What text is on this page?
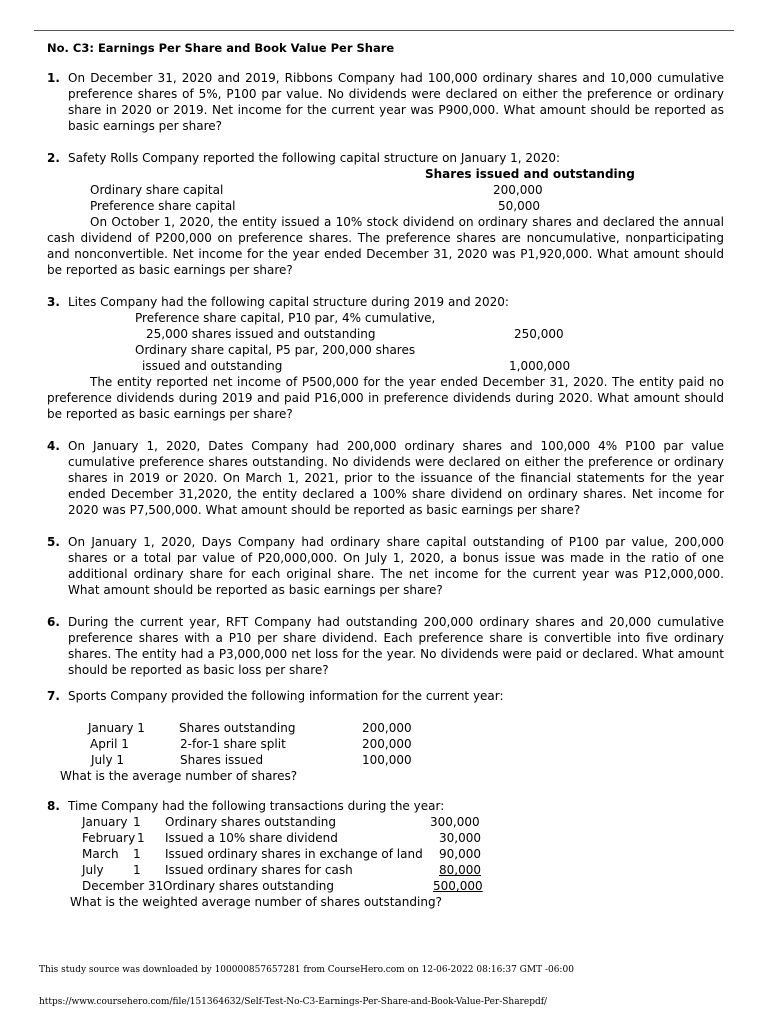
No. C3: Earnings Per Share and Book Value Per Share
1. On December 31, 2020 and 2019, Ribbons Company had 100,000 ordinary shares and 10,000 cumulative preference shares of 5%, P100 par value. No dividends were declared on either the preference or ordinary share in 2020 or 2019. Net income for the current year was P900,000. What amount should be reported as basic earnings per share?
2. Safety Rolls Company reported the following capital structure on January 1, 2020:
Shares issued and outstanding
Ordinary share capital	200,000
Preference share capital	50,000
On October 1, 2020, the entity issued a 10% stock dividend on ordinary shares and declared the annual cash dividend of P200,000 on preference shares. The preference shares are noncumulative, nonparticipating and nonconvertible. Net income for the year ended December 31, 2020 was P1,920,000. What amount should be reported as basic earnings per share?
3. Lites Company had the following capital structure during 2019 and 2020:
Preference share capital, P10 par, 4% cumulative,
25,000 shares issued and outstanding	250,000
Ordinary share capital, P5 par, 200,000 shares
issued and outstanding	1,000,000
The entity reported net income of P500,000 for the year ended December 31, 2020. The entity paid no preference dividends during 2019 and paid P16,000 in preference dividends during 2020. What amount should be reported as basic earnings per share?
4. On January 1, 2020, Dates Company had 200,000 ordinary shares and 100,000 4% P100 par value cumulative preference shares outstanding. No dividends were declared on either the preference or ordinary shares in 2019 or 2020. On March 1, 2021, prior to the issuance of the financial statements for the year ended December 31,2020, the entity declared a 100% share dividend on ordinary shares. Net income for 2020 was P7,500,000. What amount should be reported as basic earnings per share?
5. On January 1, 2020, Days Company had ordinary share capital outstanding of P100 par value, 200,000 shares or a total par value of P20,000,000. On July 1, 2020, a bonus issue was made in the ratio of one additional ordinary share for each original share. The net income for the current year was P12,000,000. What amount should be reported as basic earnings per share?
6. During the current year, RFT Company had outstanding 200,000 ordinary shares and 20,000 cumulative preference shares with a P10 per share dividend. Each preference share is convertible into five ordinary shares. The entity had a P3,000,000 net loss for the year. No dividends were paid or declared. What amount should be reported as basic loss per share?
7. Sports Company provided the following information for the current year:
January 1	Shares outstanding	200,000
April 1	2-for-1 share split	200,000
July 1	Shares issued	100,000
What is the average number of shares?
8. Time Company had the following transactions during the year:
January 1 Ordinary shares outstanding	300,000
February 1 Issued a 10% share dividend	30,000
March 1 Issued ordinary shares in exchange of land 90,000
July 1 Issued ordinary shares for cash	80,000
December 31 Ordinary shares outstanding	500,000
What is the weighted average number of shares outstanding?
This study source was downloaded by 100000857657281 from CourseHero.com on 12-06-2022 08:16:37 GMT -06:00
https://www.coursehero.com/file/151364632/Self-Test-No-C3-Earnings-Per-Share-and-Book-Value-Per-Sharepdf/
